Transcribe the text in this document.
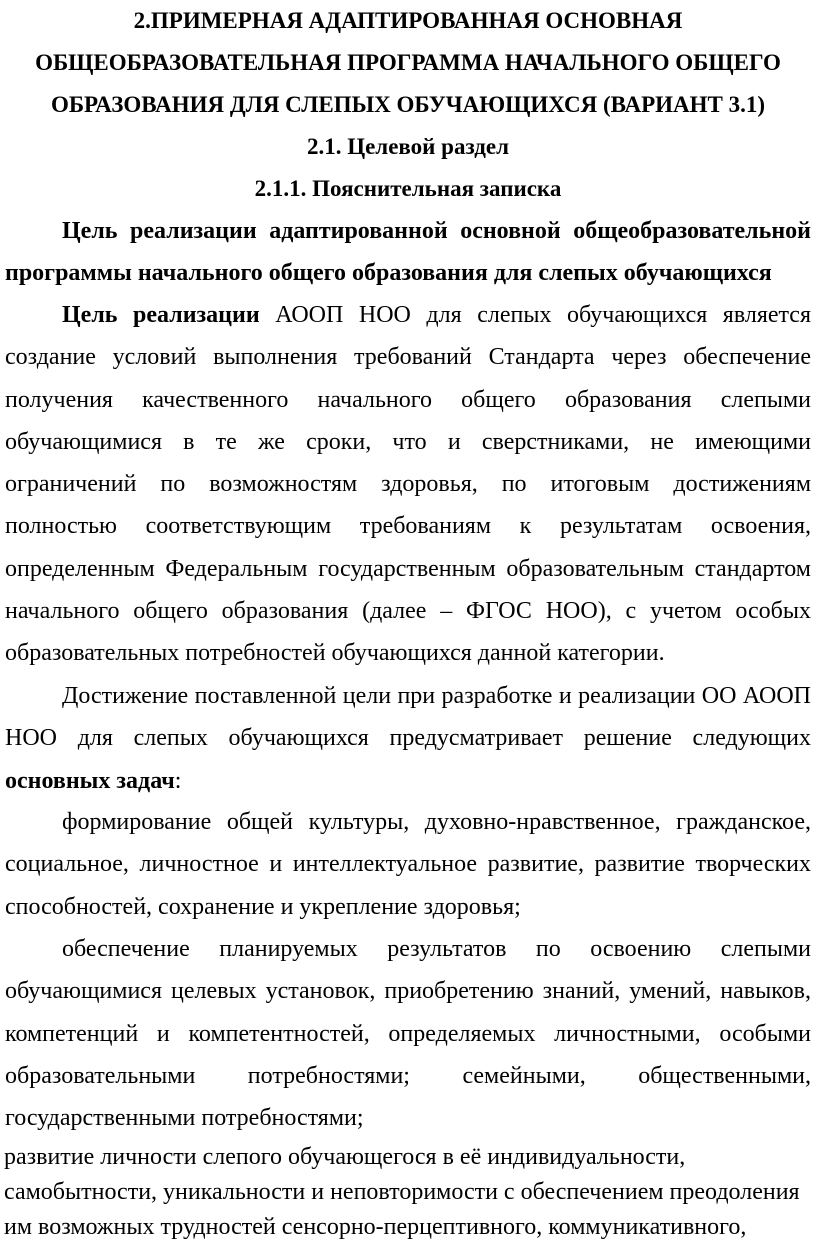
2.ПРИМЕРНАЯ АДАПТИРОВАННАЯ ОСНОВНАЯ

ОБЩЕОБРАЗОВАТЕЛЬНАЯ ПРОГРАММА НАЧАЛЬНОГО ОБЩЕГО

ОБРАЗОВАНИЯ ДЛЯ СЛЕПЫХ ОБУЧАЮЩИХСЯ (ВАРИАНТ 3.1)

2.1. Целевой раздел

2.1.1. Пояснительная записка

Цель реализации адаптированной основной общеобразовательной программы начального общего образования для слепых обучающихся

Цель реализации АООП НОО для слепых обучающихся является создание условий выполнения требований Стандарта через обеспечение получения качественного начального общего образования слепыми обучающимися в те же сроки, что и сверстниками, не имеющими ограничений по возможностям здоровья, по итоговым достижениям полностью соответствующим требованиям к результатам освоения, определенным Федеральным государственным образовательным стандартом начального общего образования (далее – ФГОС НОО), с учетом особых образовательных потребностей обучающихся данной категории.

Достижение поставленной цели при разработке и реализации ОО АООП НОО для слепых обучающихся предусматривает решение следующих основных задач:

формирование общей культуры, духовно-нравственное, гражданское, социальное, личностное и интеллектуальное развитие, развитие творческих способностей, сохранение и укрепление здоровья;

обеспечение планируемых результатов по освоению слепыми обучающимися целевых установок, приобретению знаний, умений, навыков, компетенций и компетентностей, определяемых личностными, особыми образовательными потребностями; семейными, общественными, государственными потребностями;

развитие личности слепого обучающегося в её индивидуальности, самобытности, уникальности и неповторимости с обеспечением преодоления им возможных трудностей сенсорно-перцептивного, коммуникативного,
